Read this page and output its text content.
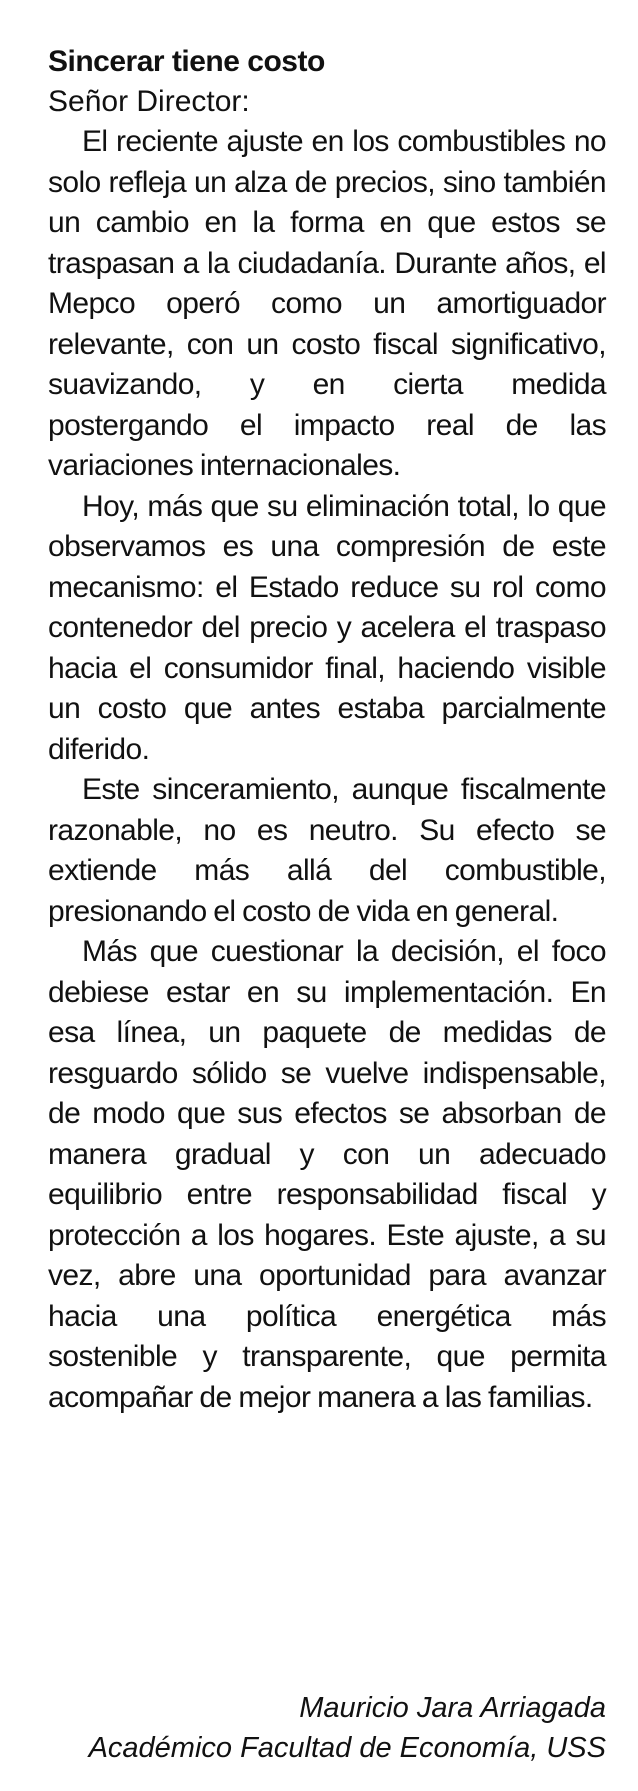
Sincerar tiene costo

Señor Director:

El reciente ajuste en los combustibles no solo refleja un alza de precios, sino también un cambio en la forma en que estos se traspasan a la ciudadanía. Durante años, el Mepco operó como un amortiguador relevante, con un costo fiscal significativo, suavizando, y en cierta medida postergando el impacto real de las variaciones internacionales.

Hoy, más que su eliminación total, lo que observamos es una compresión de este mecanismo: el Estado reduce su rol como contenedor del precio y acelera el traspaso hacia el consumidor final, haciendo visible un costo que antes estaba parcialmente diferido.

Este sinceramiento, aunque fiscalmente razonable, no es neutro. Su efecto se extiende más allá del combustible, presionando el costo de vida en general.

Más que cuestionar la decisión, el foco debiese estar en su implementación. En esa línea, un paquete de medidas de resguardo sólido se vuelve indispensable, de modo que sus efectos se absorban de manera gradual y con un adecuado equilibrio entre responsabilidad fiscal y protección a los hogares. Este ajuste, a su vez, abre una oportunidad para avanzar hacia una política energética más sostenible y transparente, que permita acompañar de mejor manera a las familias.

Mauricio Jara Arriagada
Académico Facultad de Economía, USS
